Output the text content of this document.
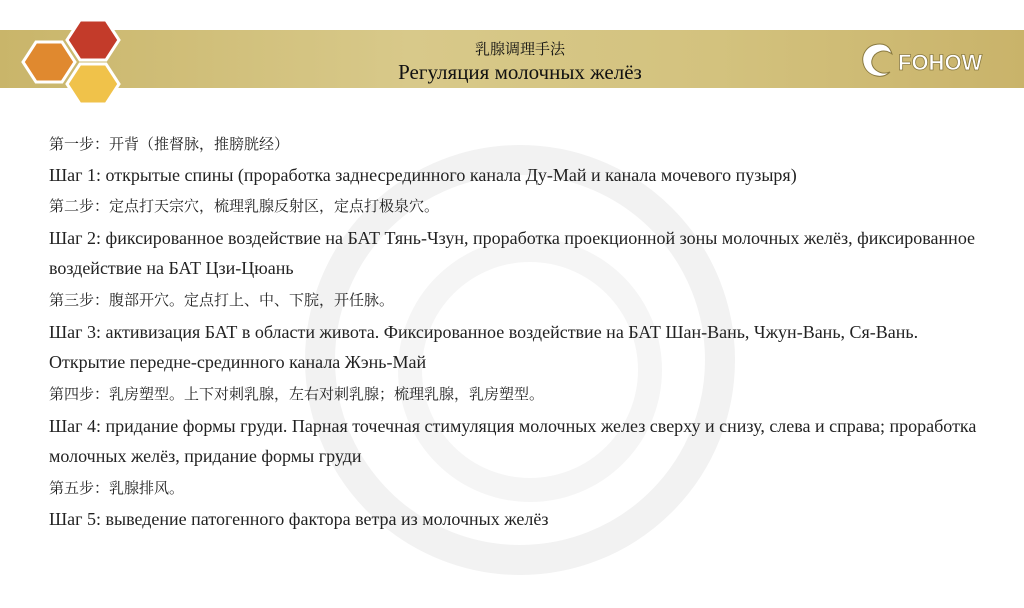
乳腺调理手法
Регуляция молочных желёз	FOHOW
第一步：开背（推督脉，推膀胱经）
Шаг 1: открытые спины (проработка заднесрединного канала Ду-Май и канала мочевого пузыря)
第二步：定点打天宗穴，梳理乳腺反射区，定点打极泉穴。
Шаг 2: фиксированное воздействие на БАТ Тянь-Чзун, проработка проекционной зоны молочных желёз, фиксированное воздействие на БАТ Цзи-Цюань
第三步：腹部开穴。定点打上、中、下脘，开任脉。
Шаг 3: активизация БАТ в области живота. Фиксированное воздействие на БАТ Шан-Вань, Чжун-Вань, Ся-Вань. Открытие передне-срединного канала Жэнь-Май
第四步：乳房塑型。上下对刺乳腺，左右对刺乳腺；梳理乳腺，乳房塑型。
Шаг 4: придание формы груди. Парная точечная стимуляция молочных желез сверху и снизу, слева и справа; проработка молочных желёз, придание формы груди
第五步：乳腺排风。
Шаг 5: выведение патогенного фактора ветра из молочных желёз
